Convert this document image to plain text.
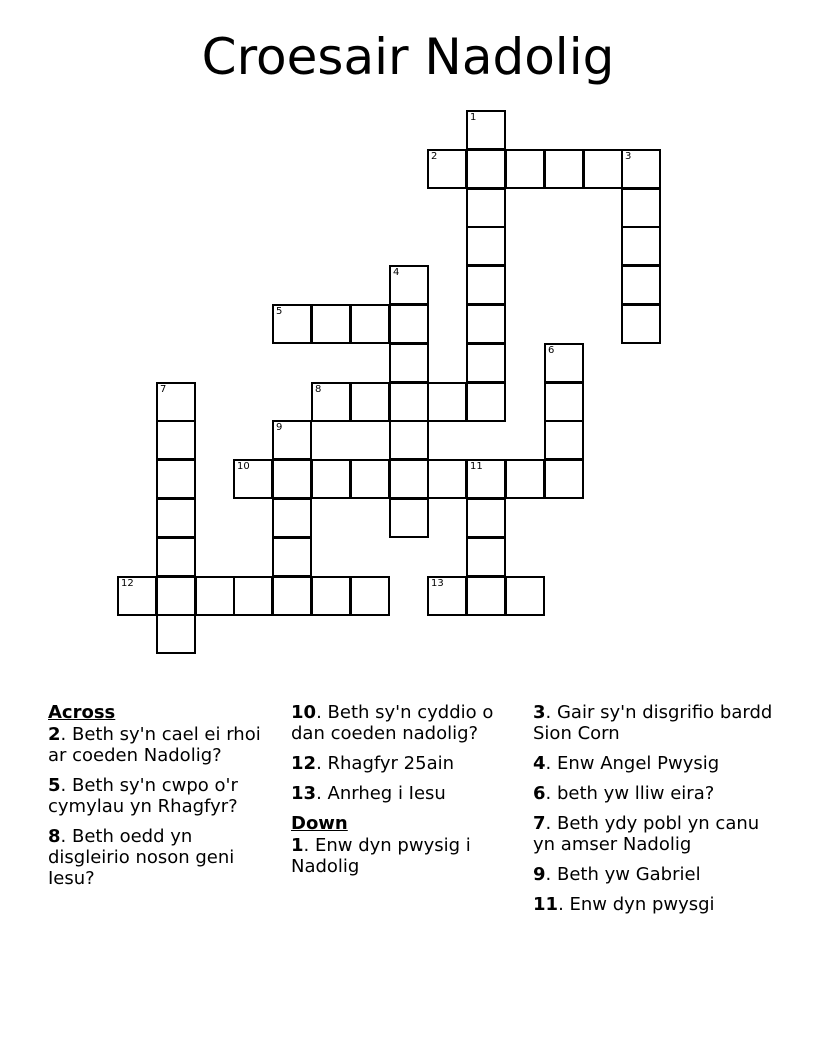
Croesair Nadolig
1
2	3
4
5
6
7	8
9
10	11
12	13
Across
2. Beth sy'n cael ei rhoi ar coeden Nadolig?
5. Beth sy'n cwpo o'r cymylau yn Rhagfyr?
8. Beth oedd yn disgleirio noson geni Iesu?
10. Beth sy'n cyddio o dan coeden nadolig?
12. Rhagfyr 25ain
13. Anrheg i Iesu
Down
1. Enw dyn pwysig i Nadolig
3. Gair sy'n disgrifio bardd Sion Corn
4. Enw Angel Pwysig
6. beth yw lliw eira?
7. Beth ydy pobl yn canu yn amser Nadolig
9. Beth yw Gabriel
11. Enw dyn pwysgi
